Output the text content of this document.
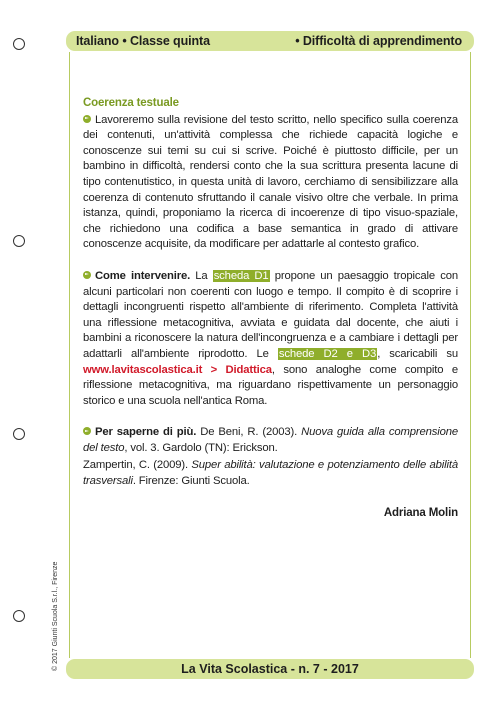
Italiano • Classe quinta	• Difficoltà di apprendimento
© 2017 Giunti Scuola S.r.l., Firenze
Coerenza testuale

Lavoreremo sulla revisione del testo scritto, nello specifico sulla coerenza dei contenuti, un'attività complessa che richiede capacità logiche e conoscenze sui temi su cui si scrive. Poiché è piuttosto difficile, per un bambino in difficoltà, rendersi conto che la sua scrittura presenta lacune di tipo contenutistico, in questa unità di lavoro, cerchiamo di sensibilizzare alla coerenza di contenuto sfruttando il canale visivo oltre che verbale. In prima istanza, quindi, proponiamo la ricerca di incoerenze di tipo visuo-spaziale, che richiedono una codifica a base semantica in grado di attivare conoscenze acquisite, da modificare per adattarle al contesto grafico.

Come intervenire. La scheda D1 propone un paesaggio tropicale con alcuni particolari non coerenti con luogo e tempo. Il compito è di scoprire i dettagli incongruenti rispetto all'ambiente di riferimento. Completa l'attività una riflessione metacognitiva, avviata e guidata dal docente, che aiuti i bambini a riconoscere la natura dell'incongruenza e a cambiare i dettagli per adattarli all'ambiente riprodotto. Le schede D2 e D3, scaricabili su www.lavitascolastica.it > Didattica, sono analoghe come compito e riflessione metacognitiva, ma riguardano rispettivamente un personaggio storico e una scuola nell'antica Roma.

Per saperne di più. De Beni, R. (2003). Nuova guida alla comprensione del testo, vol. 3. Gardolo (TN): Erickson.

Zampertin, C. (2009). Super abilità: valutazione e potenziamento delle abilità trasversali. Firenze: Giunti Scuola.

Adriana Molin
La Vita Scolastica - n. 7 - 2017
